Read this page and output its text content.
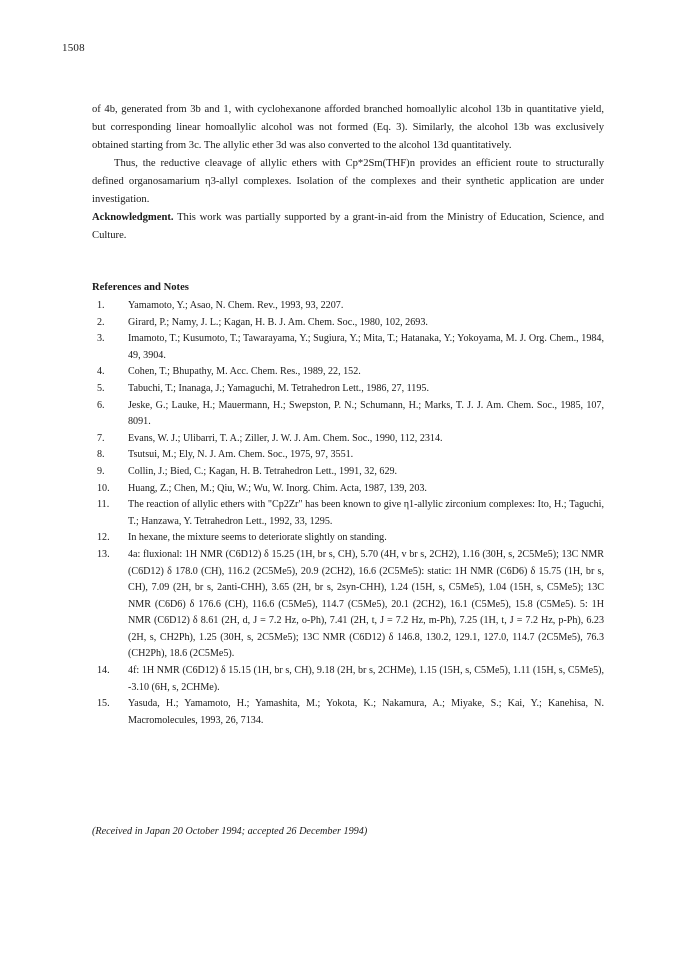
1508

of 4b, generated from 3b and 1, with cyclohexanone afforded branched homoallylic alcohol 13b in quantitative yield, but corresponding linear homoallylic alcohol was not formed (Eq. 3). Similarly, the alcohol 13b was exclusively obtained starting from 3c. The allylic ether 3d was also converted to the alcohol 13d quantitatively.

Thus, the reductive cleavage of allylic ethers with Cp*2Sm(THF)n provides an efficient route to structurally defined organosamarium η3-allyl complexes. Isolation of the complexes and their synthetic application are under investigation.

Acknowledgment. This work was partially supported by a grant-in-aid from the Ministry of Education, Science, and Culture.

References and Notes
1.	Yamamoto, Y.; Asao, N. Chem. Rev., 1993, 93, 2207.
2.	Girard, P.; Namy, J. L.; Kagan, H. B. J. Am. Chem. Soc., 1980, 102, 2693.
3.	Imamoto, T.; Kusumoto, T.; Tawarayama, Y.; Sugiura, Y.; Mita, T.; Hatanaka, Y.; Yokoyama, M. J. Org. Chem., 1984, 49, 3904.
4.	Cohen, T.; Bhupathy, M. Acc. Chem. Res., 1989, 22, 152.
5.	Tabuchi, T.; Inanaga, J.; Yamaguchi, M. Tetrahedron Lett., 1986, 27, 1195.
6.	Jeske, G.; Lauke, H.; Mauermann, H.; Swepston, P. N.; Schumann, H.; Marks, T. J. J. Am. Chem. Soc., 1985, 107, 8091.
7.	Evans, W. J.; Ulibarri, T. A.; Ziller, J. W. J. Am. Chem. Soc., 1990, 112, 2314.
8.	Tsutsui, M.; Ely, N. J. Am. Chem. Soc., 1975, 97, 3551.
9.	Collin, J.; Bied, C.; Kagan, H. B. Tetrahedron Lett., 1991, 32, 629.
10.	Huang, Z.; Chen, M.; Qiu, W.; Wu, W. Inorg. Chim. Acta, 1987, 139, 203.
11.	The reaction of allylic ethers with "Cp2Zr" has been known to give η1-allylic zirconium complexes: Ito, H.; Taguchi, T.; Hanzawa, Y. Tetrahedron Lett., 1992, 33, 1295.
12.	In hexane, the mixture seems to deteriorate slightly on standing.
13.	4a: fluxional: 1H NMR (C6D12) δ 15.25 (1H, br s, CH), 5.70 (4H, v br s, 2CH2), 1.16 (30H, s, 2C5Me5); 13C NMR (C6D12) δ 178.0 (CH), 116.2 (2C5Me5), 20.9 (2CH2), 16.6 (2C5Me5): static: 1H NMR (C6D6) δ 15.75 (1H, br s, CH), 7.09 (2H, br s, 2anti-CHH), 3.65 (2H, br s, 2syn-CHH), 1.24 (15H, s, C5Me5), 1.04 (15H, s, C5Me5); 13C NMR (C6D6) δ 176.6 (CH), 116.6 (C5Me5), 114.7 (C5Me5), 20.1 (2CH2), 16.1 (C5Me5), 15.8 (C5Me5). 5: 1H NMR (C6D12) δ 8.61 (2H, d, J = 7.2 Hz, o-Ph), 7.41 (2H, t, J = 7.2 Hz, m-Ph), 7.25 (1H, t, J = 7.2 Hz, p-Ph), 6.23 (2H, s, CH2Ph), 1.25 (30H, s, 2C5Me5); 13C NMR (C6D12) δ 146.8, 130.2, 129.1, 127.0, 114.7 (2C5Me5), 76.3 (CH2Ph), 18.6 (2C5Me5).
14.	4f: 1H NMR (C6D12) δ 15.15 (1H, br s, CH), 9.18 (2H, br s, 2CHMe), 1.15 (15H, s, C5Me5), 1.11 (15H, s, C5Me5), -3.10 (6H, s, 2CHMe).
15.	Yasuda, H.; Yamamoto, H.; Yamashita, M.; Yokota, K.; Nakamura, A.; Miyake, S.; Kai, Y.; Kanehisa, N. Macromolecules, 1993, 26, 7134.
(Received in Japan 20 October 1994; accepted 26 December 1994)
